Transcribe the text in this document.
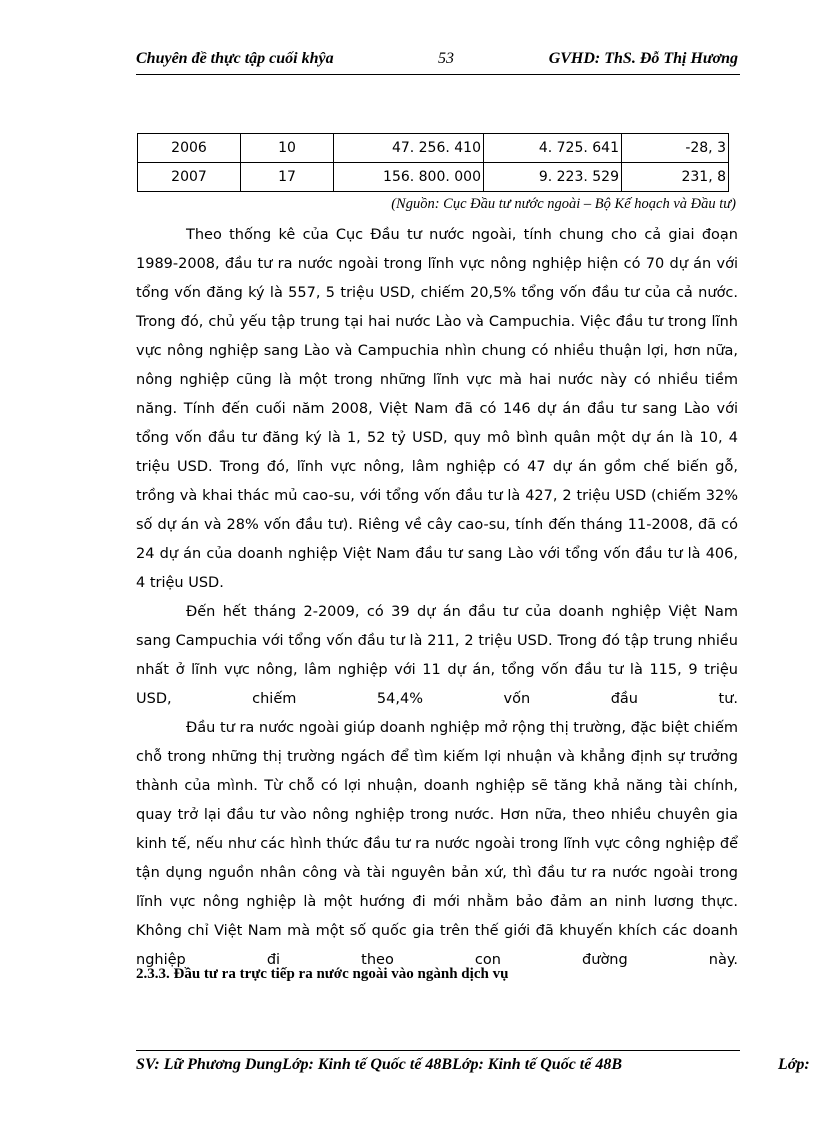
Chuyên đề thực tập cuối khŷa	53	GVHD: ThS. Đỗ Thị Hương
2006	10	47. 256. 410	4. 725. 641	-28, 3
2007	17	156. 800. 000	9. 223. 529	231, 8
(Nguồn: Cục Đầu tư nước ngoài – Bộ Kế hoạch và Đầu tư)

Theo thống kê của Cục Đầu tư nước ngoài, tính chung cho cả giai đoạn 1989-2008, đầu tư ra nước ngoài trong lĩnh vực nông nghiệp hiện có 70 dự án với tổng vốn đăng ký là 557, 5 triệu USD, chiếm 20,5% tổng vốn đầu tư của cả nước. Trong đó, chủ yếu tập trung tại hai nước Lào và Campuchia. Việc đầu tư trong lĩnh vực nông nghiệp sang Lào và Campuchia nhìn chung có nhiều thuận lợi, hơn nữa, nông nghiệp cũng là một trong những lĩnh vực mà hai nước này có nhiều tiềm năng. Tính đến cuối năm 2008, Việt Nam đã có 146 dự án đầu tư sang Lào với tổng vốn đầu tư đăng ký là 1, 52 tỷ USD, quy mô bình quân một dự án là 10, 4 triệu USD. Trong đó, lĩnh vực nông, lâm nghiệp có 47 dự án gồm chế biến gỗ, trồng và khai thác mủ cao-su, với tổng vốn đầu tư là 427, 2 triệu USD (chiếm 32% số dự án và 28% vốn đầu tư). Riêng về cây cao-su, tính đến tháng 11-2008, đã có 24 dự án của doanh nghiệp Việt Nam đầu tư sang Lào với tổng vốn đầu tư là 406, 4 triệu USD.

Đến hết tháng 2-2009, có 39 dự án đầu tư của doanh nghiệp Việt Nam sang Campuchia với tổng vốn đầu tư là 211, 2 triệu USD. Trong đó tập trung nhiều nhất ở lĩnh vực nông, lâm nghiệp với 11 dự án, tổng vốn đầu tư là 115, 9 triệu USD, chiếm 54,4% vốn đầu tư.

Đầu tư ra nước ngoài giúp doanh nghiệp mở rộng thị trường, đặc biệt chiếm chỗ trong những thị trường ngách để tìm kiếm lợi nhuận và khẳng định sự trưởng thành của mình. Từ chỗ có lợi nhuận, doanh nghiệp sẽ tăng khả năng tài chính, quay trở lại đầu tư vào nông nghiệp trong nước. Hơn nữa, theo nhiều chuyên gia kinh tế, nếu như các hình thức đầu tư ra nước ngoài trong lĩnh vực công nghiệp để tận dụng nguồn nhân công và tài nguyên bản xứ, thì đầu tư ra nước ngoài trong lĩnh vực nông nghiệp là một hướng đi mới nhằm bảo đảm an ninh lương thực. Không chỉ Việt Nam mà một số quốc gia trên thế giới đã khuyến khích các doanh nghiệp đi theo con đường này.

2.3.3. Đầu tư ra trực tiếp ra nước ngoài vào ngành dịch vụ
SV: Lữ Phương DungLớp: Kinh tế Quốc tế 48BLớp: Kinh tế Quốc tế 48B	Lớp:
